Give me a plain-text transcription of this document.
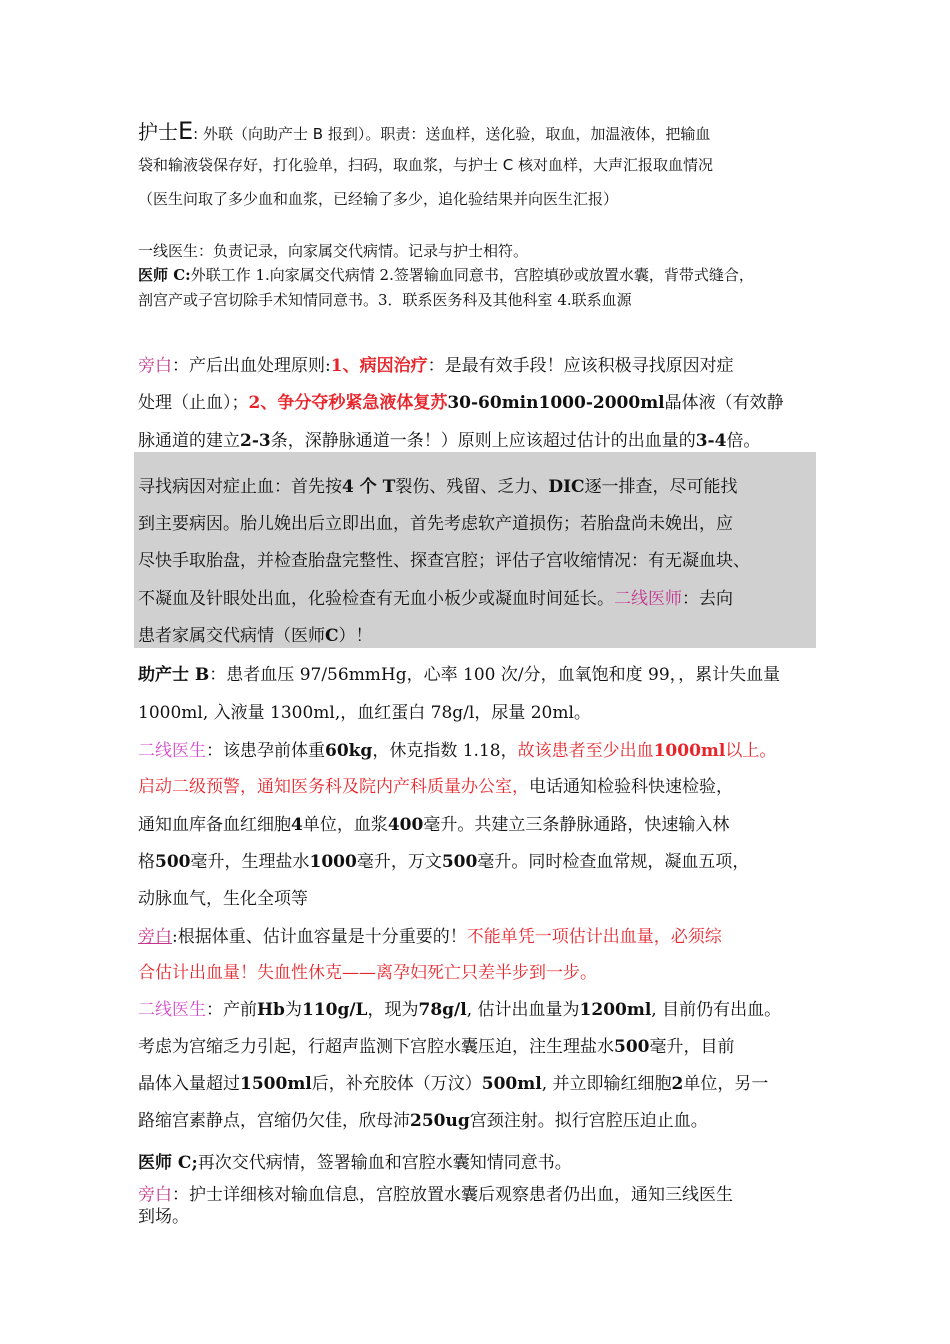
护士E: 外联（向助产士 B 报到）。职责：送血样，送化验，取血，加温液体，把输血
袋和输液袋保存好，打化验单，扫码，取血浆，与护士 C 核对血样，大声汇报取血情况
（医生问取了多少血和血浆，已经输了多少，追化验结果并向医生汇报）
一线医生：负责记录，向家属交代病情。记录与护士相符。
医师 C:外联工作 1.向家属交代病情 2.签署输血同意书，宫腔填砂或放置水囊，背带式缝合，
剖宫产或子宫切除手术知情同意书。3．联系医务科及其他科室 4.联系血源
旁白：产后出血处理原则:1、病因治疗：是最有效手段！应该积极寻找原因对症
处理（止血）；2、争分夺秒紧急液体复苏30-60min1000-2000ml晶体液（有效静
脉通道的建立2-3条，深静脉通道一条！）原则上应该超过估计的出血量的3-4倍。
寻找病因对症止血：首先按4 个 T裂伤、残留、乏力、DIC逐一排查，尽可能找
到主要病因。胎儿娩出后立即出血，首先考虑软产道损伤；若胎盘尚未娩出，应
尽快手取胎盘，并检查胎盘完整性、探查宫腔；评估子宫收缩情况：有无凝血块、
不凝血及针眼处出血，化验检查有无血小板少或凝血时间延长。二线医师：去向
患者家属交代病情（医师C）！
助产士 B：患者血压 97/56mmHg，心率 100 次/分，血氧饱和度 99，，累计失血量
1000ml, 入液量 1300ml,，血红蛋白 78g/l，尿量 20ml。
二线医生：该患孕前体重60kg，休克指数 1.18，故该患者至少出血1000ml以上。
启动二级预警，通知医务科及院内产科质量办公室，电话通知检验科快速检验，
通知血库备血红细胞4单位，血浆400毫升。共建立三条静脉通路，快速输入林
格500毫升，生理盐水1000毫升，万文500毫升。同时检查血常规，凝血五项，
动脉血气，生化全项等
旁白:根据体重、估计血容量是十分重要的！不能单凭一项估计出血量，必须综
合估计出血量！失血性休克——离孕妇死亡只差半步到一步。
二线医生：产前Hb为110g/L，现为78g/l, 估计出血量为1200ml, 目前仍有出血。
考虑为宫缩乏力引起，行超声监测下宫腔水囊压迫，注生理盐水500毫升，目前
晶体入量超过1500ml后，补充胶体（万汶）500ml, 并立即输红细胞2单位，另一
路缩宫素静点，宫缩仍欠佳，欣母沛250ug宫颈注射。拟行宫腔压迫止血。
医师 C;再次交代病情，签署输血和宫腔水囊知情同意书。
旁白：护士详细核对输血信息，宫腔放置水囊后观察患者仍出血，通知三线医生
到场。
